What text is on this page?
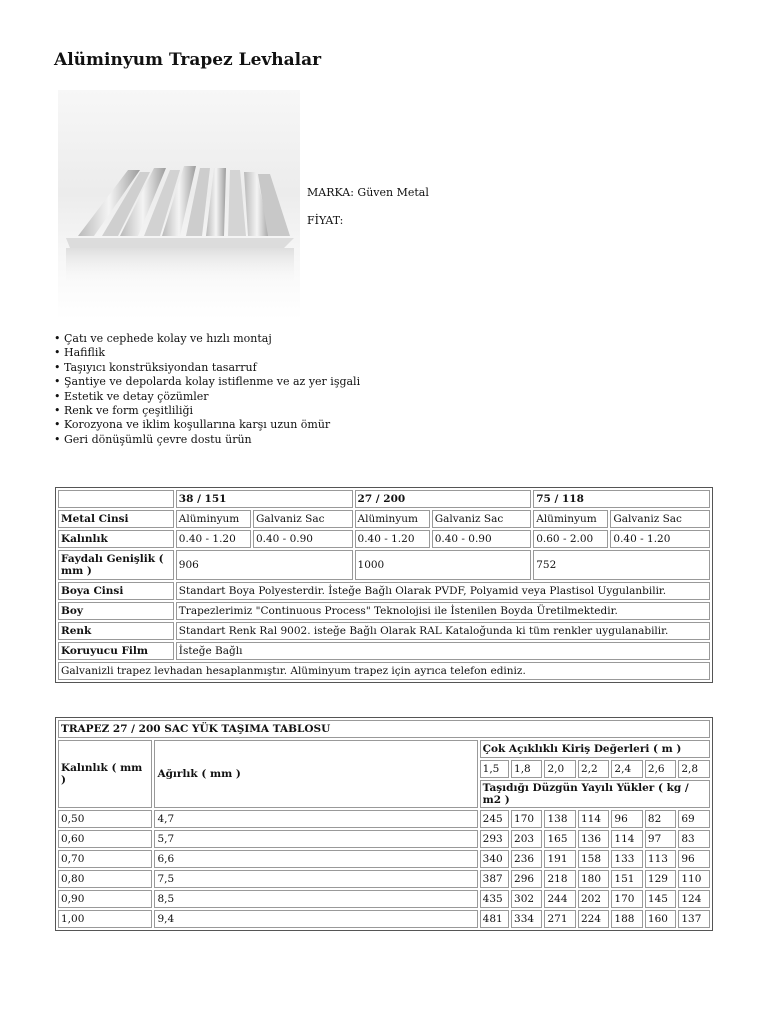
Alüminyum Trapez Levhalar
MARKA: Güven Metal
FİYAT:
• Çatı ve cephede kolay ve hızlı montaj
• Hafiflik
• Taşıyıcı konstrüksiyondan tasarruf
• Şantiye ve depolarda kolay istiflenme ve az yer işgali
• Estetik ve detay çözümler
• Renk ve form çeşitliliği
• Korozyona ve iklim koşullarına karşı uzun ömür
• Geri dönüşümlü çevre dostu ürün
	38 / 151		27 / 200		75 / 118	
Metal Cinsi	Alüminyum	Galvaniz Sac	Alüminyum	Galvaniz Sac	Alüminyum	Galvaniz Sac
Kalınlık	0.40 - 1.20	0.40 - 0.90	0.40 - 1.20	0.40 - 0.90	0.60 - 2.00	0.40 - 1.20
Faydalı Genişlik ( mm )	906		1000		752	
Boya Cinsi	Standart Boya Polyesterdir. İsteğe Bağlı Olarak PVDF, Polyamid veya Plastisol Uygulanbilir.					
Boy	Trapezlerimiz "Continuous Process" Teknolojisi ile İstenilen Boyda Üretilmektedir.					
Renk	Standart Renk Ral 9002. isteğe Bağlı Olarak RAL Kataloğunda ki tüm renkler uygulanabilir.					
Koruyucu Film	İsteğe Bağlı					
Galvanizli trapez levhadan hesaplanmıştır. Alüminyum trapez için ayrıca telefon ediniz.						
TRAPEZ 27 / 200 SAC YÜK TAŞIMA TABLOSU								
Kalınlık ( mm )	Ağırlık ( mm )	Çok Açıklıklı Kiriş Değerleri ( m )						
		1,5	1,8	2,0	2,2	2,4	2,6	2,8
		Taşıdığı Düzgün Yayılı Yükler ( kg / m2 )						
0,50	4,7	245	170	138	114	96	82	69
0,60	5,7	293	203	165	136	114	97	83
0,70	6,6	340	236	191	158	133	113	96
0,80	7,5	387	296	218	180	151	129	110
0,90	8,5	435	302	244	202	170	145	124
1,00	9,4	481	334	271	224	188	160	137
